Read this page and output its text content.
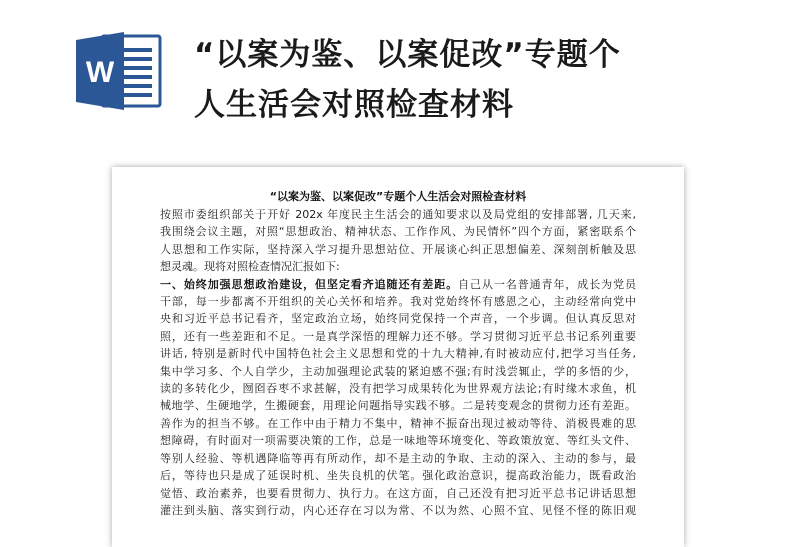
W	“以案为鉴、以案促改”专题个
人生活会对照检查材料
“以案为鉴、以案促改”专题个人生活会对照检查材料
按照市委组织部关于开好 202x 年度民主生活会的通知要求以及局党组的安排部署, 几天来,
我围绕会议主题，对照“思想政治、精神状态、工作作风、为民情怀”四个方面，紧密联系个
人思想和工作实际，坚持深入学习提升思想站位、开展谈心纠正思想偏差、深刻剖析触及思
想灵魂。现将对照检查情况汇报如下:
一、始终加强思想政治建设，但坚定看齐追随还有差距。自己从一名普通青年，成长为党员
干部，每一步都离不开组织的关心关怀和培养。我对党始终怀有感恩之心，主动经常向党中
央和习近平总书记看齐，坚定政治立场，始终同党保持一个声音，一个步调。但认真反思对
照，还有一些差距和不足。一是真学深悟的理解力还不够。学习贯彻习近平总书记系列重要
讲话, 特别是新时代中国特色社会主义思想和党的十九大精神,有时被动应付,把学习当任务,
集中学习多、个人自学少，主动加强理论武装的紧迫感不强;有时浅尝辄止，学的多悟的少，
读的多转化少，囫囵吞枣不求甚解，没有把学习成果转化为世界观方法论;有时缘木求鱼，机
械地学、生硬地学，生搬硬套，用理论问题指导实践不够。二是转变观念的贯彻力还有差距。
善作为的担当不够。在工作中由于精力不集中，精神不振奋出现过被动等待、消极畏难的思
想障碍，有时面对一项需要决策的工作，总是一味地等环境变化、等政策放宽、等红头文件、
等别人经验、等机遇降临等再有所动作，却不是主动的争取、主动的深入、主动的参与，最
后，等待也只是成了延误时机、坐失良机的伏笔。强化政治意识，提高政治能力，既看政治
觉悟、政治素养，也要看贯彻力、执行力。在这方面，自己还没有把习近平总书记讲话思想
灌注到头脑、落实到行动，内心还存在习以为常、不以为然、心照不宜、见怪不怪的陈旧观
